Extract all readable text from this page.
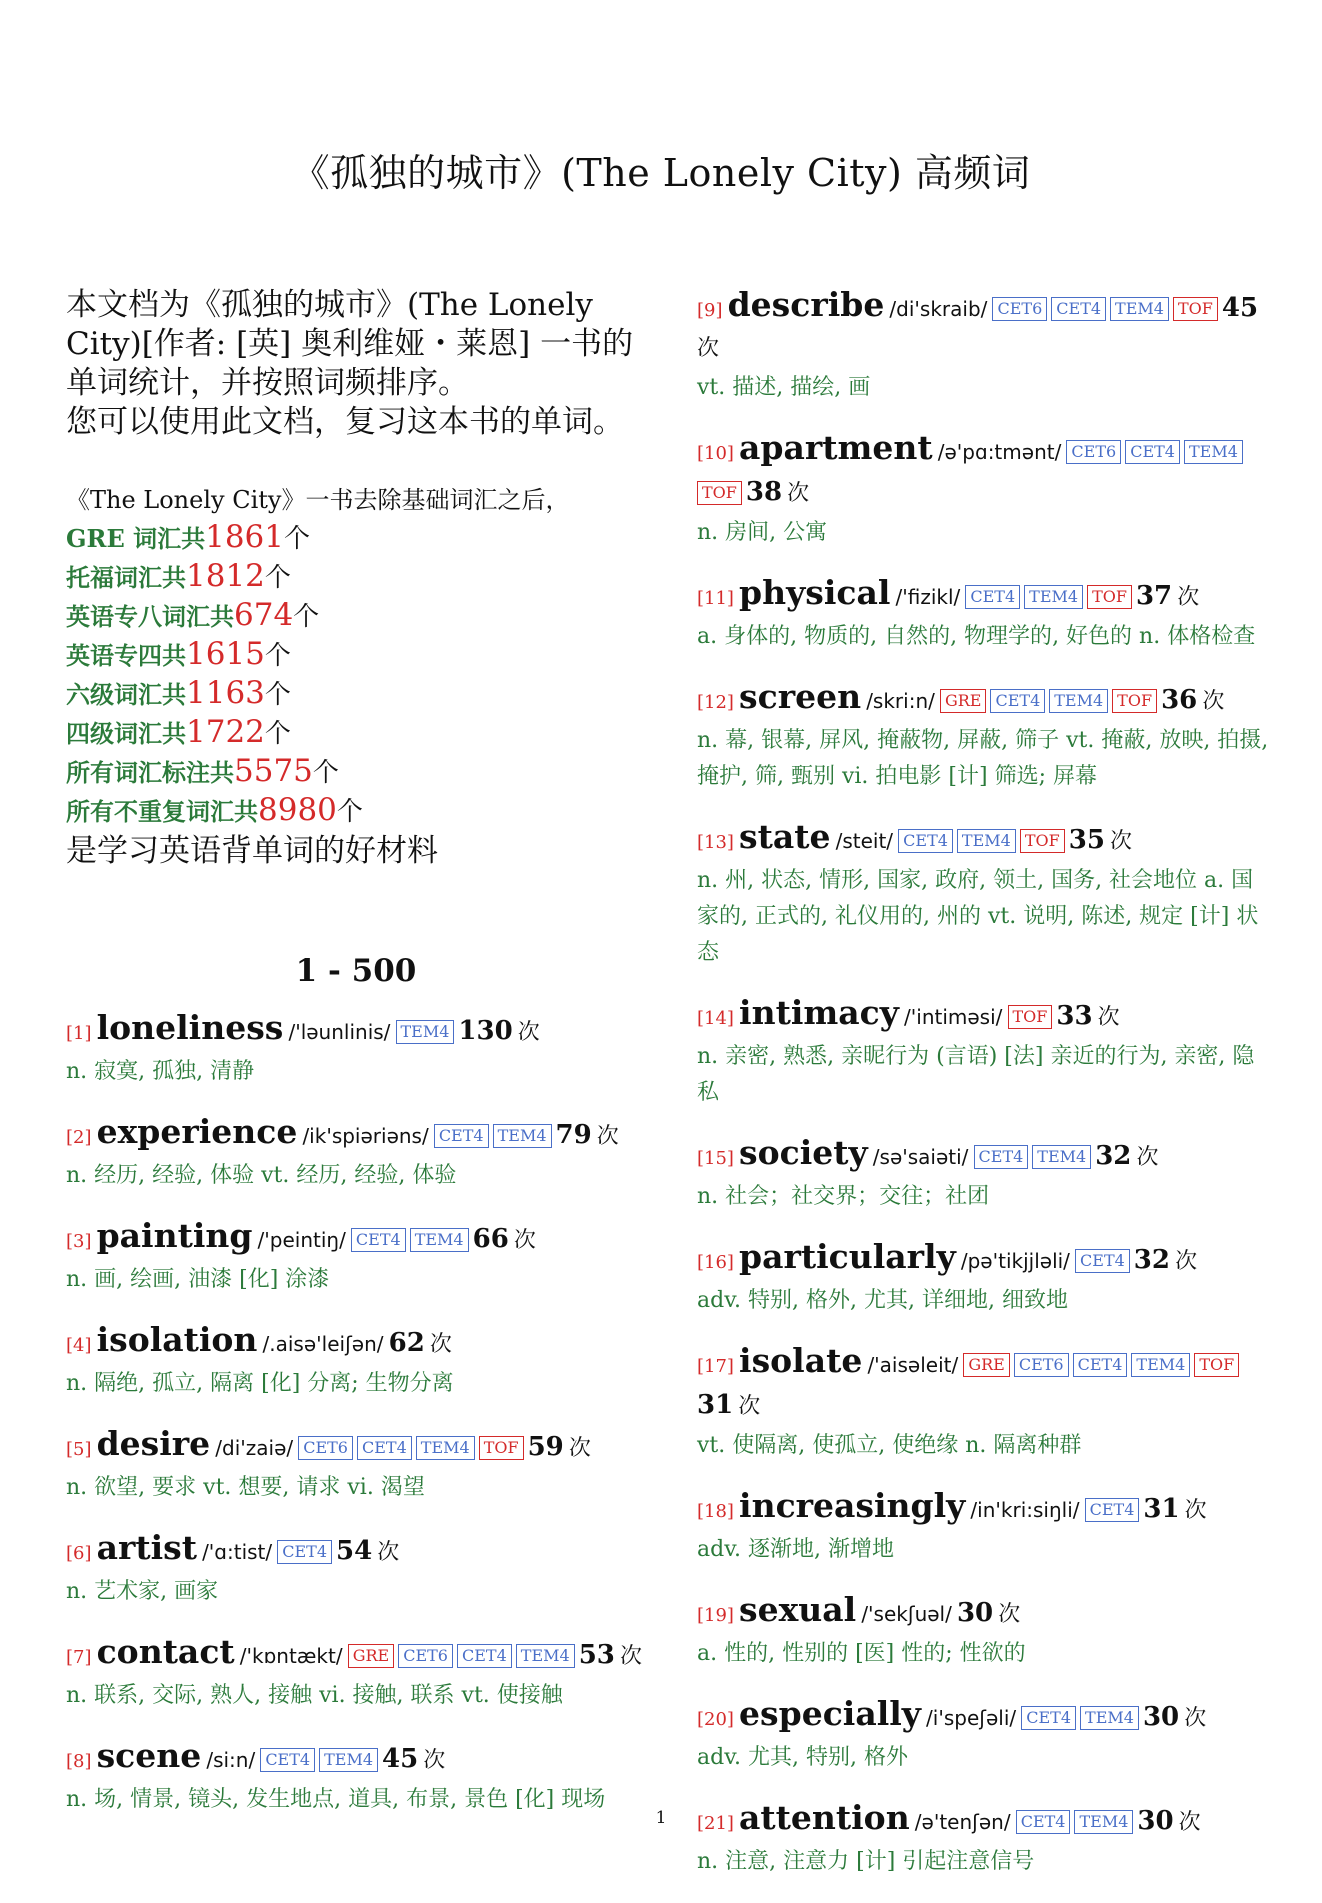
《孤独的城市》(The Lonely City) 高频词

本文档为《孤独的城市》(The Lonely City)[作者: [英] 奥利维娅・莱恩] 一书的单词统计，并按照词频排序。

您可以使用此文档，复习这本书的单词。

《The Lonely City》一书去除基础词汇之后，
GRE 词汇共1861个
托福词汇共1812个
英语专八词汇共674个
英语专四共1615个
六级词汇共1163个
四级词汇共1722个
所有词汇标注共5575个
所有不重复词汇共8980个
是学习英语背单词的好材料
1 - 500
[1] loneliness /'ləunlinis/ TEM4 130 次
n. 寂寞, 孤独, 清静
[2] experience /ik'spiəriəns/ CET4 TEM4 79 次
n. 经历, 经验, 体验 vt. 经历, 经验, 体验
[3] painting /'peintiŋ/ CET4 TEM4 66 次
n. 画, 绘画, 油漆 [化] 涂漆
[4] isolation /.aisə'leiʃən/ 62 次
n. 隔绝, 孤立, 隔离 [化] 分离; 生物分离
[5] desire /di'zaiə/ CET6 CET4 TEM4 TOF 59 次
n. 欲望, 要求 vt. 想要, 请求 vi. 渴望
[6] artist /'ɑ:tist/ CET4 54 次
n. 艺术家, 画家
[7] contact /'kɒntækt/ GRE CET6 CET4 TEM4 53 次
n. 联系, 交际, 熟人, 接触 vi. 接触, 联系 vt. 使接触
[8] scene /si:n/ CET4 TEM4 45 次
n. 场, 情景, 镜头, 发生地点, 道具, 布景, 景色 [化] 现场
[9] describe /di'skraib/ CET6 CET4 TEM4 TOF 45 次
vt. 描述, 描绘, 画
[10] apartment /ə'pɑ:tmənt/ CET6 CET4 TEM4TOF 38 次
n. 房间, 公寓
[11] physical /'fizikl/ CET4 TEM4 TOF 37 次
a. 身体的, 物质的, 自然的, 物理学的, 好色的 n. 体格检查
[12] screen /skri:n/ GRE CET4 TEM4 TOF 36 次
n. 幕, 银幕, 屏风, 掩蔽物, 屏蔽, 筛子 vt. 掩蔽, 放映, 拍摄, 掩护, 筛, 甄别 vi. 拍电影 [计] 筛选; 屏幕
[13] state /steit/ CET4 TEM4 TOF 35 次
n. 州, 状态, 情形, 国家, 政府, 领土, 国务, 社会地位 a. 国家的, 正式的, 礼仪用的, 州的 vt. 说明, 陈述, 规定 [计] 状态
[14] intimacy /'intiməsi/ TOF 33 次
n. 亲密, 熟悉, 亲昵行为 (言语) [法] 亲近的行为, 亲密, 隐私
[15] society /sə'saiəti/ CET4 TEM4 32 次
n. 社会；社交界；交往；社团
[16] particularly /pə'tikjjləli/ CET4 32 次
adv. 特别, 格外, 尤其, 详细地, 细致地
[17] isolate /'aisəleit/ GRE CET6 CET4 TEM4 TOF31 次
vt. 使隔离, 使孤立, 使绝缘 n. 隔离种群
[18] increasingly /in'kri:siŋli/ CET4 31 次
adv. 逐渐地, 渐增地
[19] sexual /'sekʃuəl/ 30 次
a. 性的, 性别的 [医] 性的; 性欲的
[20] especially /i'speʃəli/ CET4 TEM4 30 次
adv. 尤其, 特别, 格外
[21] attention /ə'tenʃən/ CET4 TEM4 30 次
n. 注意, 注意力 [计] 引起注意信号
1
